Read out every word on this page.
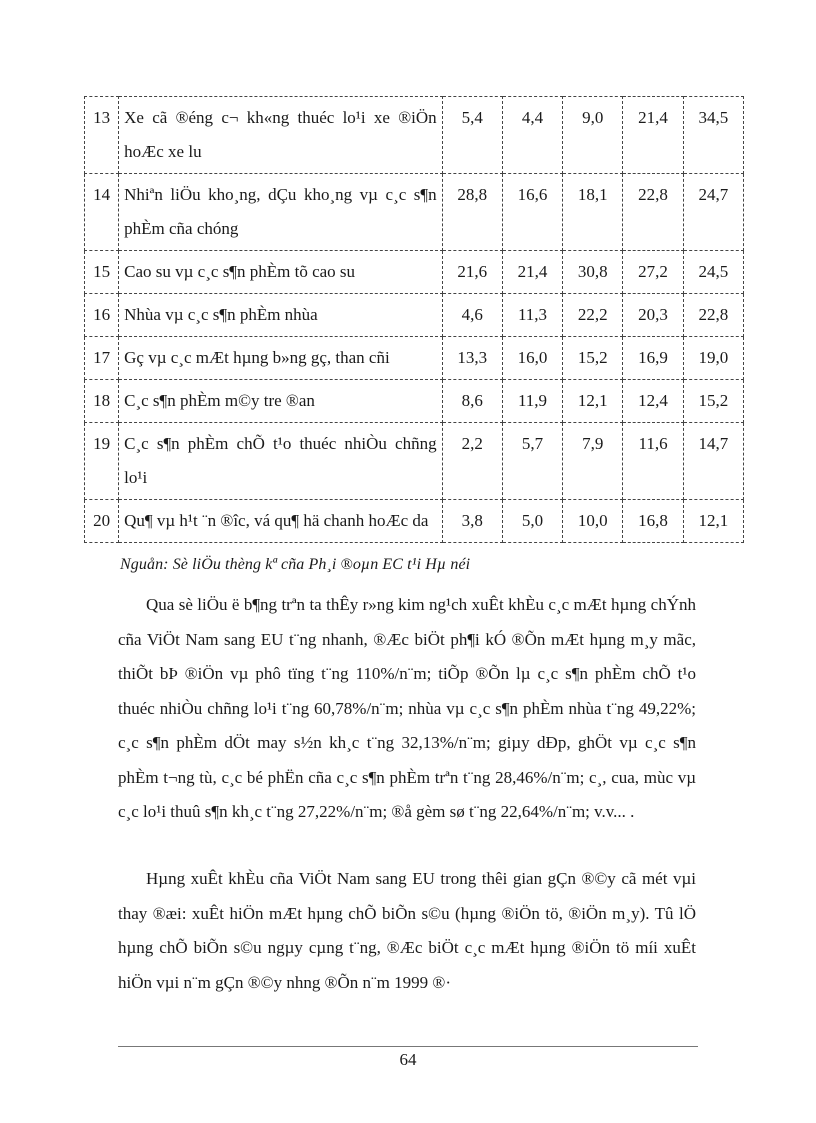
13	Xe cã ®éng c¬ kh«ng thuéc lo¹i xe ®iÖn hoÆc xe lu	5,4	4,4	9,0	21,4	34,5
14	Nhiªn liÖu kho¸ng, dÇu kho¸ng vµ c¸c s¶n phÈm cña chóng	28,8	16,6	18,1	22,8	24,7
15	Cao su vµ c¸c s¶n phÈm tõ cao su	21,6	21,4	30,8	27,2	24,5
16	Nhùa vµ c¸c s¶n phÈm nhùa	4,6	11,3	22,2	20,3	22,8
17	Gç vµ c¸c mÆt hµng b»ng gç, than cñi	13,3	16,0	15,2	16,9	19,0
18	C¸c s¶n phÈm m©y tre ®an	8,6	11,9	12,1	12,4	15,2
19	C¸c s¶n phÈm chÕ t¹o thuéc nhiÒu chñng lo¹i	2,2	5,7	7,9	11,6	14,7
20	Qu¶ vµ h¹t ¨n ®îc, vá qu¶ hä chanh hoÆc da	3,8	5,0	10,0	16,8	12,1
Nguån: Sè liÖu thèng kª cña Ph¸i ®oµn EC t¹i Hµ néi

Qua sè liÖu ë b¶ng trªn ta thÊy r»ng kim ng¹ch xuÊt khÈu c¸c mÆt hµng chÝnh cña ViÖt Nam sang EU t¨ng nhanh, ®Æc biÖt ph¶i kÓ ®Õn mÆt hµng m¸y mãc, thiÕt bÞ ®iÖn vµ phô tïng t¨ng 110%/n¨m; tiÕp ®Õn lµ c¸c s¶n phÈm chÕ t¹o thuéc nhiÒu chñng lo¹i t¨ng 60,78%/n¨m; nhùa vµ c¸c s¶n phÈm nhùa t¨ng 49,22%; c¸c s¶n phÈm dÖt may s½n kh¸c t¨ng 32,13%/n¨m; giµy dÐp, ghÖt vµ c¸c s¶n phÈm t¬ng tù, c¸c bé phËn cña c¸c s¶n phÈm trªn t¨ng 28,46%/n¨m; c¸, cua, mùc vµ c¸c lo¹i thuû s¶n kh¸c t¨ng 27,22%/n¨m; ®å gèm sø t¨ng 22,64%/n¨m; v.v... .

Hµng xuÊt khÈu cña ViÖt Nam sang EU trong thêi gian gÇn ®©y cã mét vµi thay ®æi: xuÊt hiÖn mÆt hµng chÕ biÕn s©u (hµng ®iÖn tö, ®iÖn m¸y). Tû lÖ hµng chÕ biÕn s©u ngµy cµng t¨ng, ®Æc biÖt c¸c mÆt hµng ®iÖn tö míi xuÊt hiÖn vµi n¨m gÇn ®©y nhng ®Õn n¨m 1999 ®·

64
